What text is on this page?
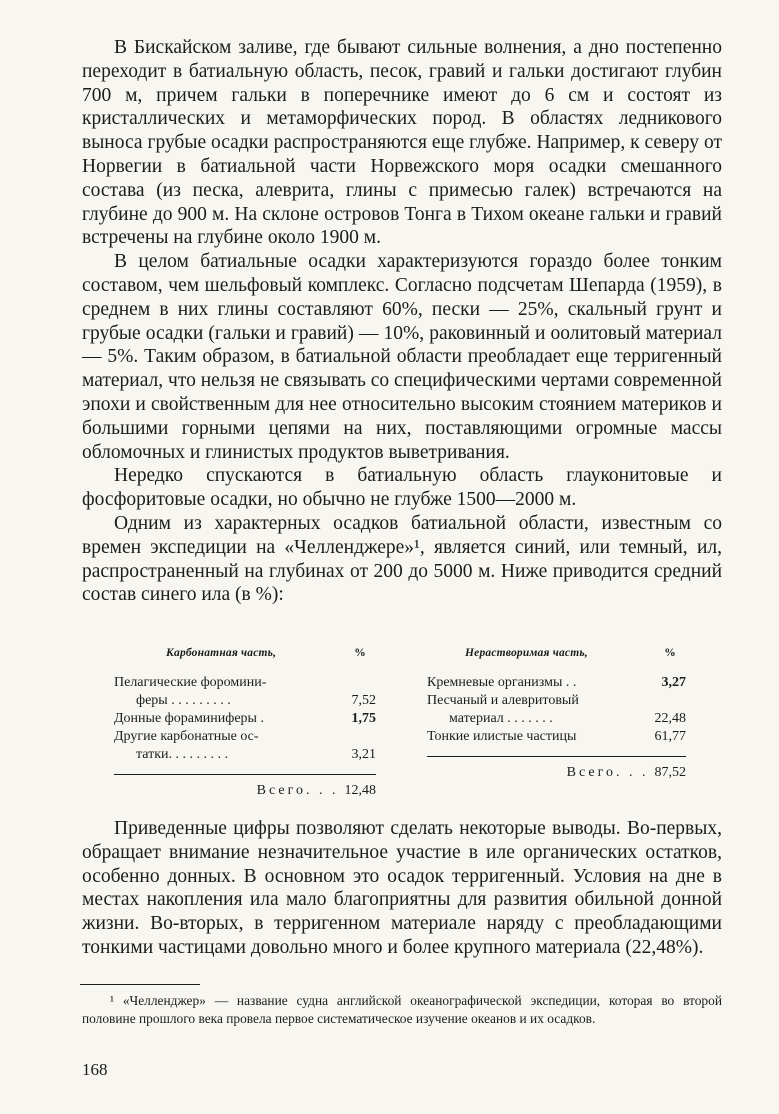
В Бискайском заливе, где бывают сильные волнения, а дно постепенно переходит в батиальную область, песок, гравий и гальки достигают глубин 700 м, причем гальки в поперечнике имеют до 6 см и состоят из кристаллических и метаморфических пород. В областях ледникового выноса грубые осадки распространяются еще глубже. Например, к северу от Норвегии в батиальной части Норвежского моря осадки смешанного состава (из песка, алеврита, глины с примесью галек) встречаются на глубине до 900 м. На склоне островов Тонга в Тихом океане гальки и гравий встречены на глубине около 1900 м.

В целом батиальные осадки характеризуются гораздо более тонким составом, чем шельфовый комплекс. Согласно подсчетам Шепарда (1959), в среднем в них глины составляют 60%, пески — 25%, скальный грунт и грубые осадки (гальки и гравий) — 10%, раковинный и оолитовый материал — 5%. Таким образом, в батиальной области преобладает еще терригенный материал, что нельзя не связывать со специфическими чертами современной эпохи и свойственным для нее относительно высоким стоянием материков и большими горными цепями на них, поставляющими огромные массы обломочных и глинистых продуктов выветривания.

Нередко спускаются в батиальную область глауконитовые и фосфоритовые осадки, но обычно не глубже 1500—2000 м.

Одним из характерных осадков батиальной области, известным со времен экспедиции на «Челленджере»¹, является синий, или темный, ил, распространенный на глубинах от 200 до 5000 м. Ниже приводится средний состав синего ила (в %):

Карбонатная часть,	%
Пелагические форомини-
феры . . . . . . . . .	7,52
Донные фораминиферы .	1,75
Другие карбонатные ос-
татки. . . . . . . . .	3,21
Всего. . . 12,48
Нерастворимая часть,	%
Кремневые организмы . .	3,27
Песчаный и алевритовый
материал . . . . . . .	22,48
Тонкие илистые частицы	61,77
Всего. . . 87,52

Приведенные цифры позволяют сделать некоторые выводы. Во-первых, обращает внимание незначительное участие в иле органических остатков, особенно донных. В основном это осадок терригенный. Условия на дне в местах накопления ила мало благоприятны для развития обильной донной жизни. Во-вторых, в терригенном материале наряду с преобладающими тонкими частицами довольно много и более крупного материала (22,48%).

¹ «Челленджер» — название судна английской океанографической экспедиции, которая во второй половине прошлого века провела первое систематическое изучение океанов и их осадков.

168
